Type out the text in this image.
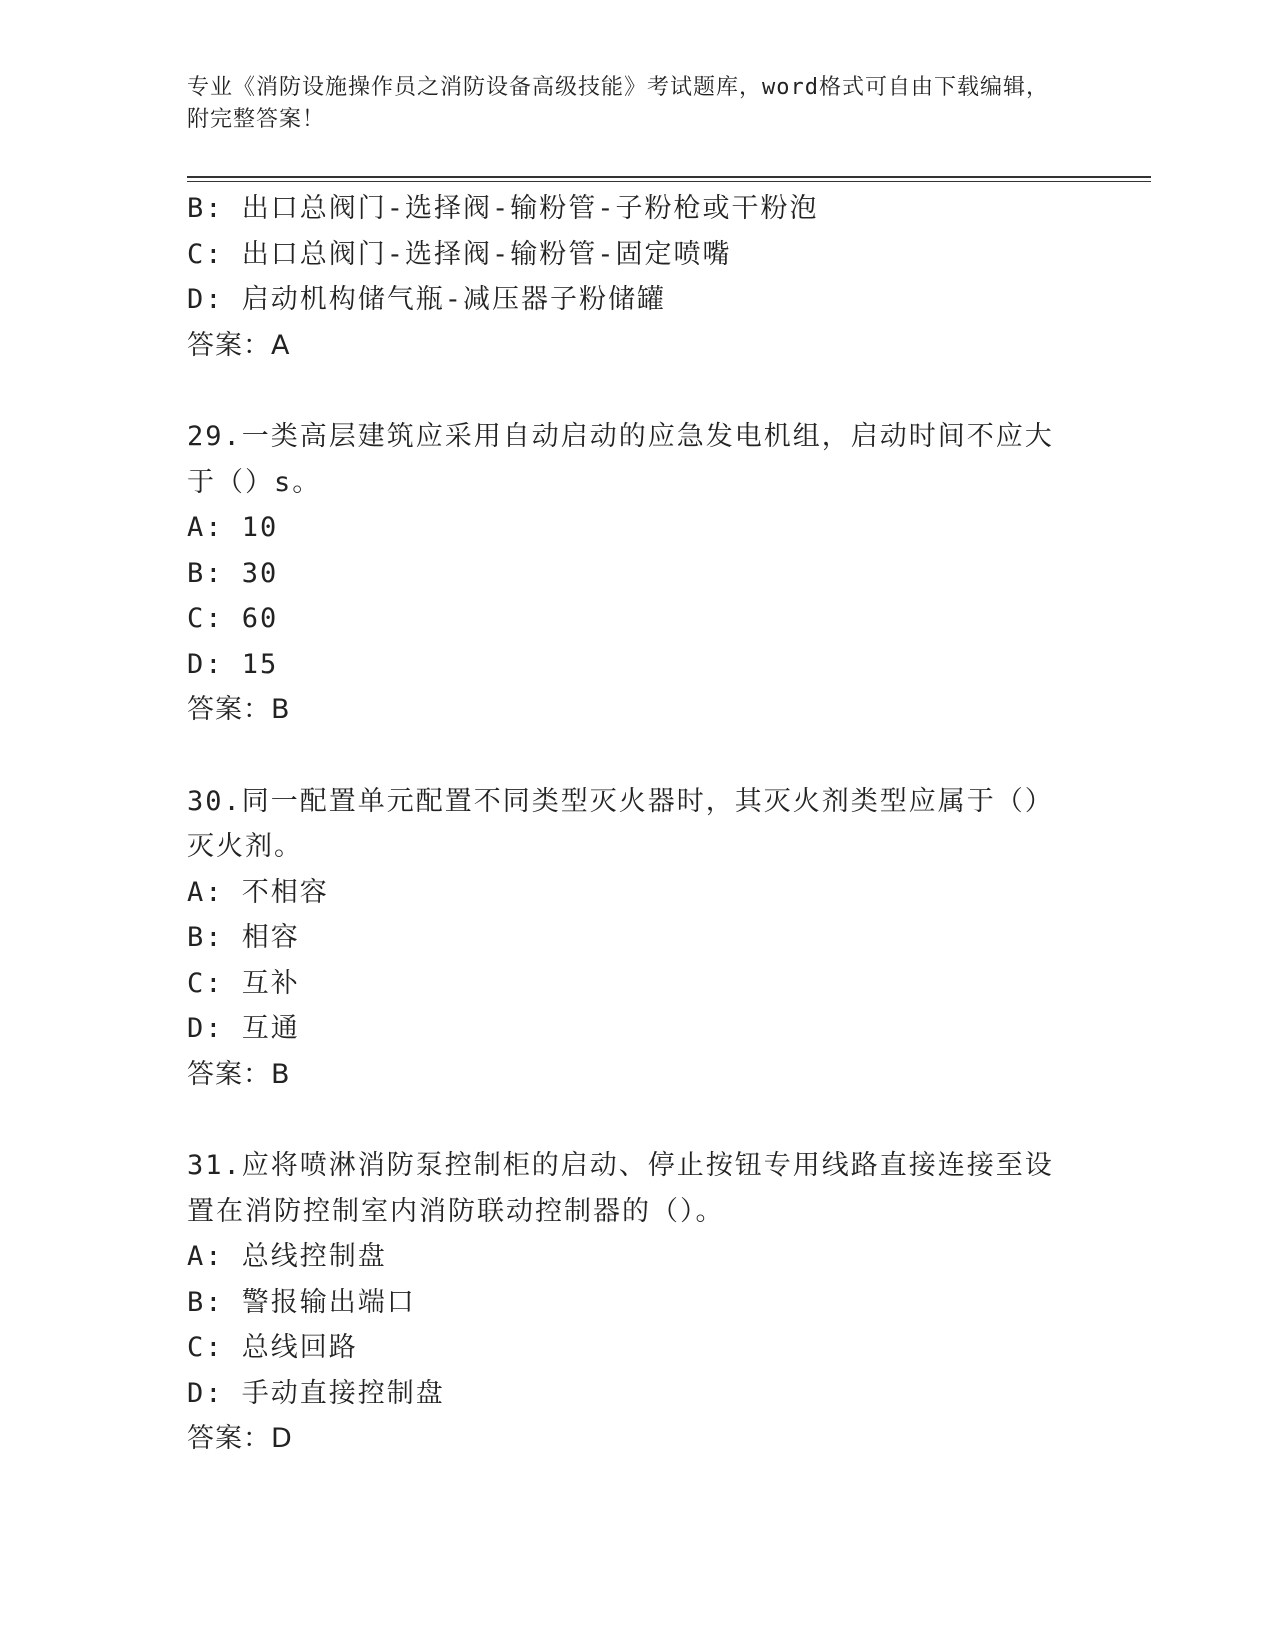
专业《消防设施操作员之消防设备高级技能》考试题库，word格式可自由下载编辑，附完整答案！
B: 出口总阀门-选择阀-输粉管-子粉枪或干粉泡
C: 出口总阀门-选择阀-输粉管-固定喷嘴
D: 启动机构储气瓶-减压器子粉储罐
答案：A
29.一类高层建筑应采用自动启动的应急发电机组，启动时间不应大于（）s。
A: 10
B: 30
C: 60
D: 15
答案：B
30.同一配置单元配置不同类型灭火器时，其灭火剂类型应属于（）灭火剂。
A: 不相容
B: 相容
C: 互补
D: 互通
答案：B
31.应将喷淋消防泵控制柜的启动、停止按钮专用线路直接连接至设置在消防控制室内消防联动控制器的（）。
A: 总线控制盘
B: 警报输出端口
C: 总线回路
D: 手动直接控制盘
答案：D
